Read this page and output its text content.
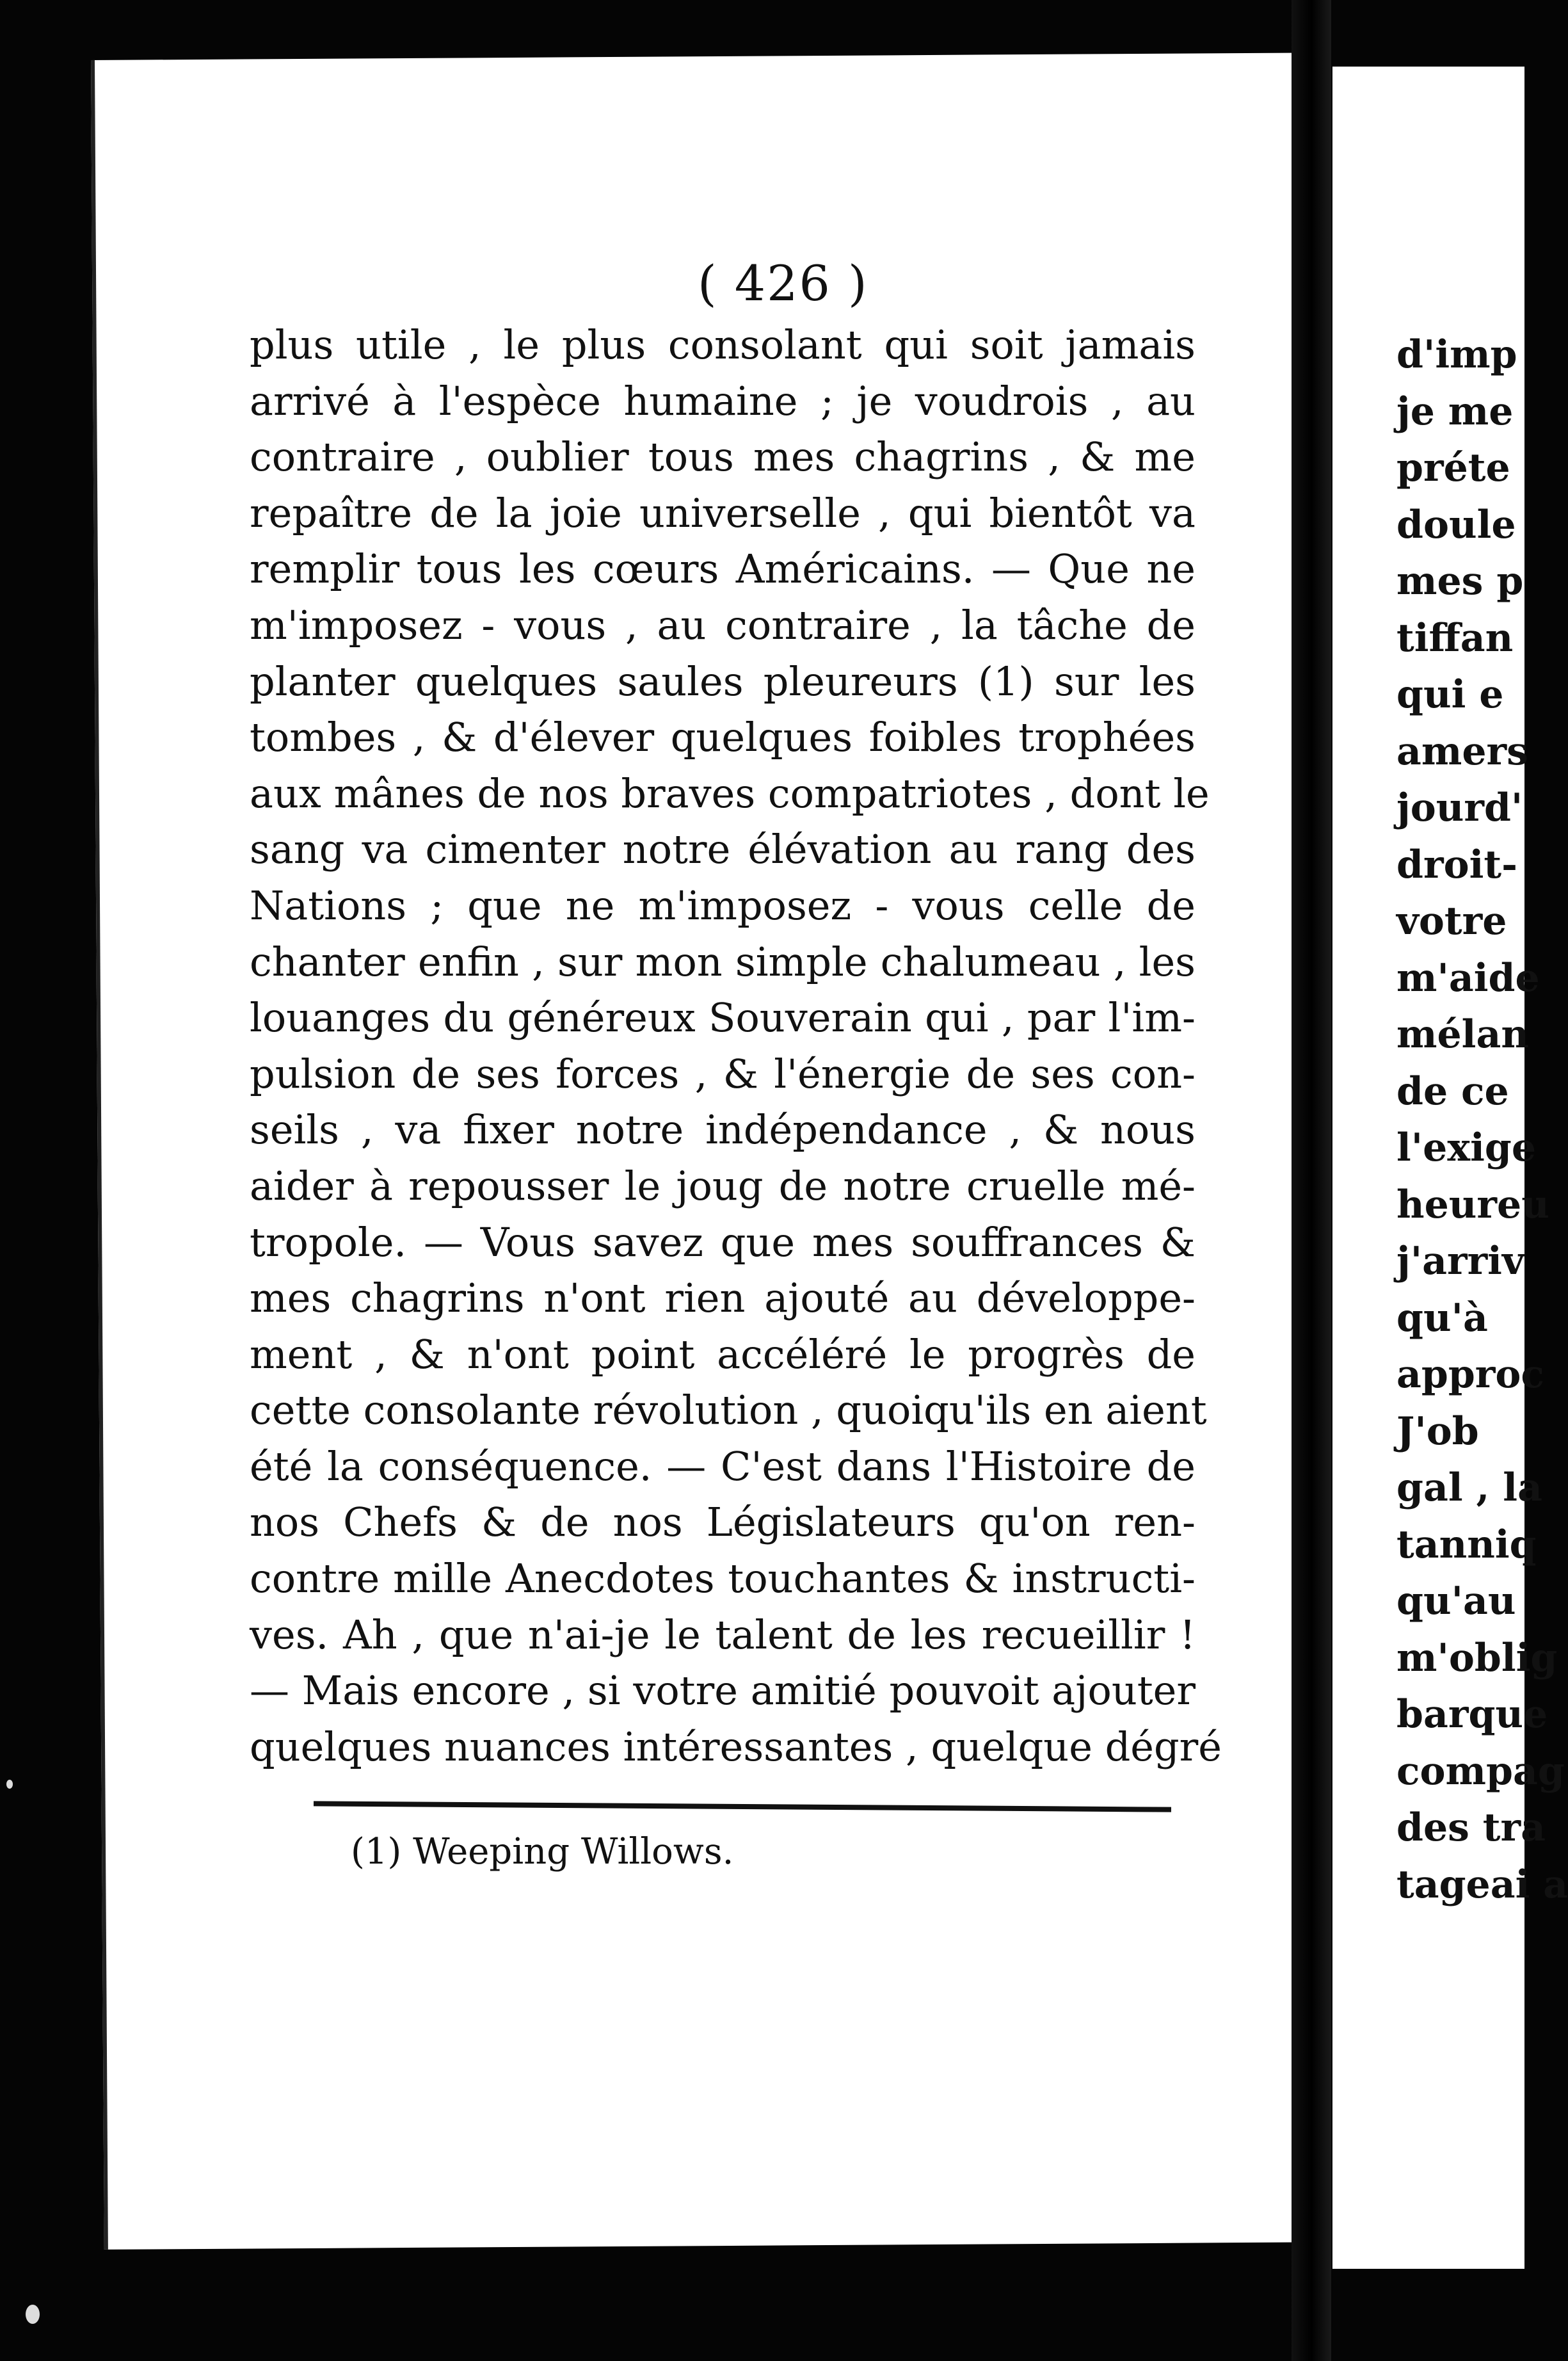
( 426 )
plus utile , le plus consolant qui soit jamais
arrivé à l'espèce humaine ; je voudrois , au
contraire , oublier tous mes chagrins , & me
repaître de la joie universelle , qui bientôt va
remplir tous les cœurs Américains. — Que ne
m'imposez - vous , au contraire , la tâche de
planter quelques saules pleureurs (1) sur les
tombes , & d'élever quelques foibles trophées
aux mânes de nos braves compatriotes , dont le
sang va cimenter notre élévation au rang des
Nations ; que ne m'imposez - vous celle de
chanter enfin , sur mon simple chalumeau , les
louanges du généreux Souverain qui , par l'im-
pulsion de ses forces , & l'énergie de ses con-
seils , va fixer notre indépendance , & nous
aider à repousser le joug de notre cruelle mé-
tropole. — Vous savez que mes souffrances &
mes chagrins n'ont rien ajouté au développe-
ment , & n'ont point accéléré le progrès de
cette consolante révolution , quoiqu'ils en aient
été la conséquence. — C'est dans l'Histoire de
nos Chefs & de nos Législateurs qu'on ren-
contre mille Anecdotes touchantes & instructi-
ves. Ah , que n'ai-je le talent de les recueillir !
— Mais encore , si votre amitié pouvoit ajouter
quelques nuances intéressantes , quelque dégré
(1) Weeping Willows.
d'imp
je me
préte
doule
mes p
tiffan
qui e
amers
jourd'
droit-
votre
m'aide
mélan
de ce
l'exige
heureu
j'arriv
qu'à
approc
J'ob
gal , la
tanniq
qu'au
m'oblig
barque
compag
des tra
tageai a
